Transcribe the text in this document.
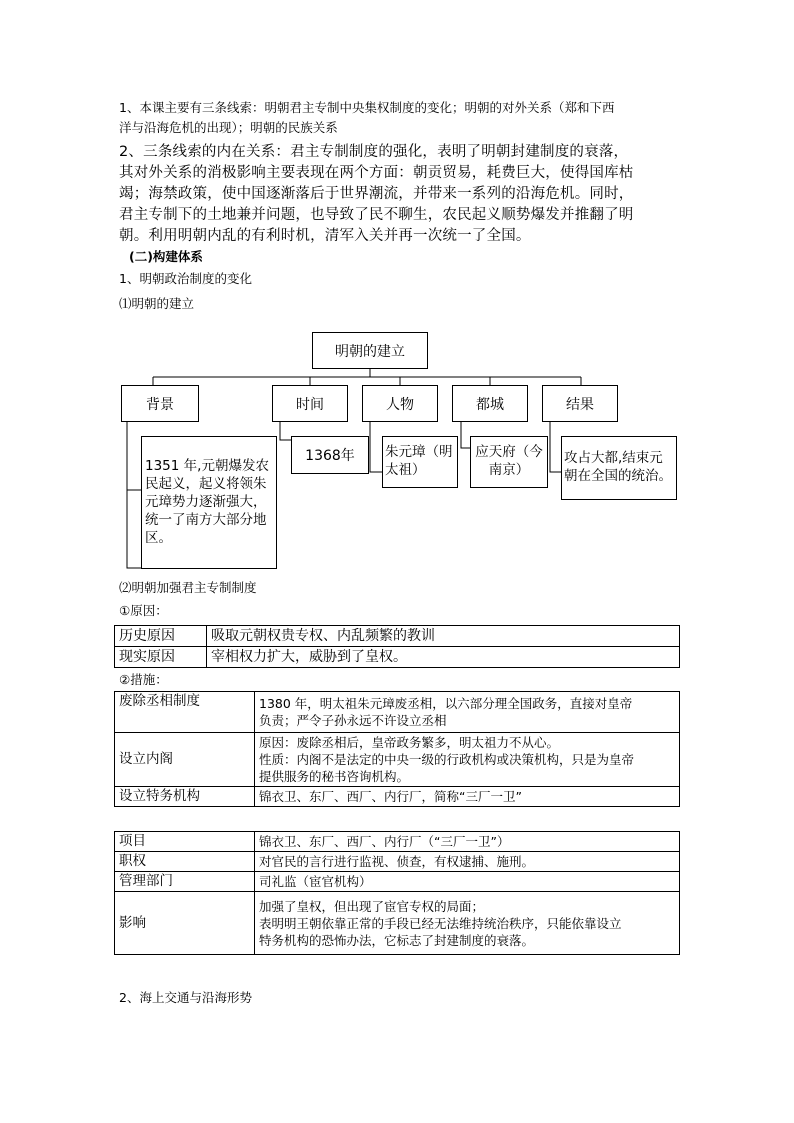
1、本课主要有三条线索：明朝君主专制中央集权制度的变化；明朝的对外关系（郑和下西
洋与沿海危机的出现）；明朝的民族关系
2、三条线索的内在关系：君主专制制度的强化，表明了明朝封建制度的衰落，
其对外关系的消极影响主要表现在两个方面：朝贡贸易，耗费巨大，使得国库枯
竭；海禁政策，使中国逐渐落后于世界潮流，并带来一系列的沿海危机。同时，
君主专制下的土地兼并问题，也导致了民不聊生，农民起义顺势爆发并推翻了明
朝。利用明朝内乱的有利时机，清军入关并再一次统一了全国。
(二)构建体系
1、明朝政治制度的变化
⑴明朝的建立
明朝的建立
背景	时间	人物	都城	结果
1351 年,元朝爆发农
民起义，起义将领朱
元璋势力逐渐强大，
统一了南方大部分地
区。
1368年	朱元璋（明
太祖）
应天府（今
南京）
攻占大都,结束元
朝在全国的统治。
⑵明朝加强君主专制制度
①原因：
历史原因	吸取元朝权贵专权、内乱频繁的教训
现实原因	宰相权力扩大，威胁到了皇权。
②措施：
废除丞相制度	1380 年，明太祖朱元璋废丞相，以六部分理全国政务，直接对皇帝
负责；严令子孙永远不许设立丞相

设立内阁	原因：废除丞相后，皇帝政务繁多，明太祖力不从心。
性质：内阁不是法定的中央一级的行政机构或决策机构，只是为皇帝
提供服务的秘书咨询机构。

设立特务机构	锦衣卫、东厂、西厂、内行厂，简称“三厂一卫”
项目	锦衣卫、东厂、西厂、内行厂（“三厂一卫”）

职权	对官民的言行进行监视、侦查，有权逮捕、施刑。

管理部门	司礼监（宦官机构）

影响	加强了皇权，但出现了宦官专权的局面；
表明明王朝依靠正常的手段已经无法维持统治秩序，只能依靠设立
特务机构的恐怖办法，它标志了封建制度的衰落。
2、海上交通与沿海形势
